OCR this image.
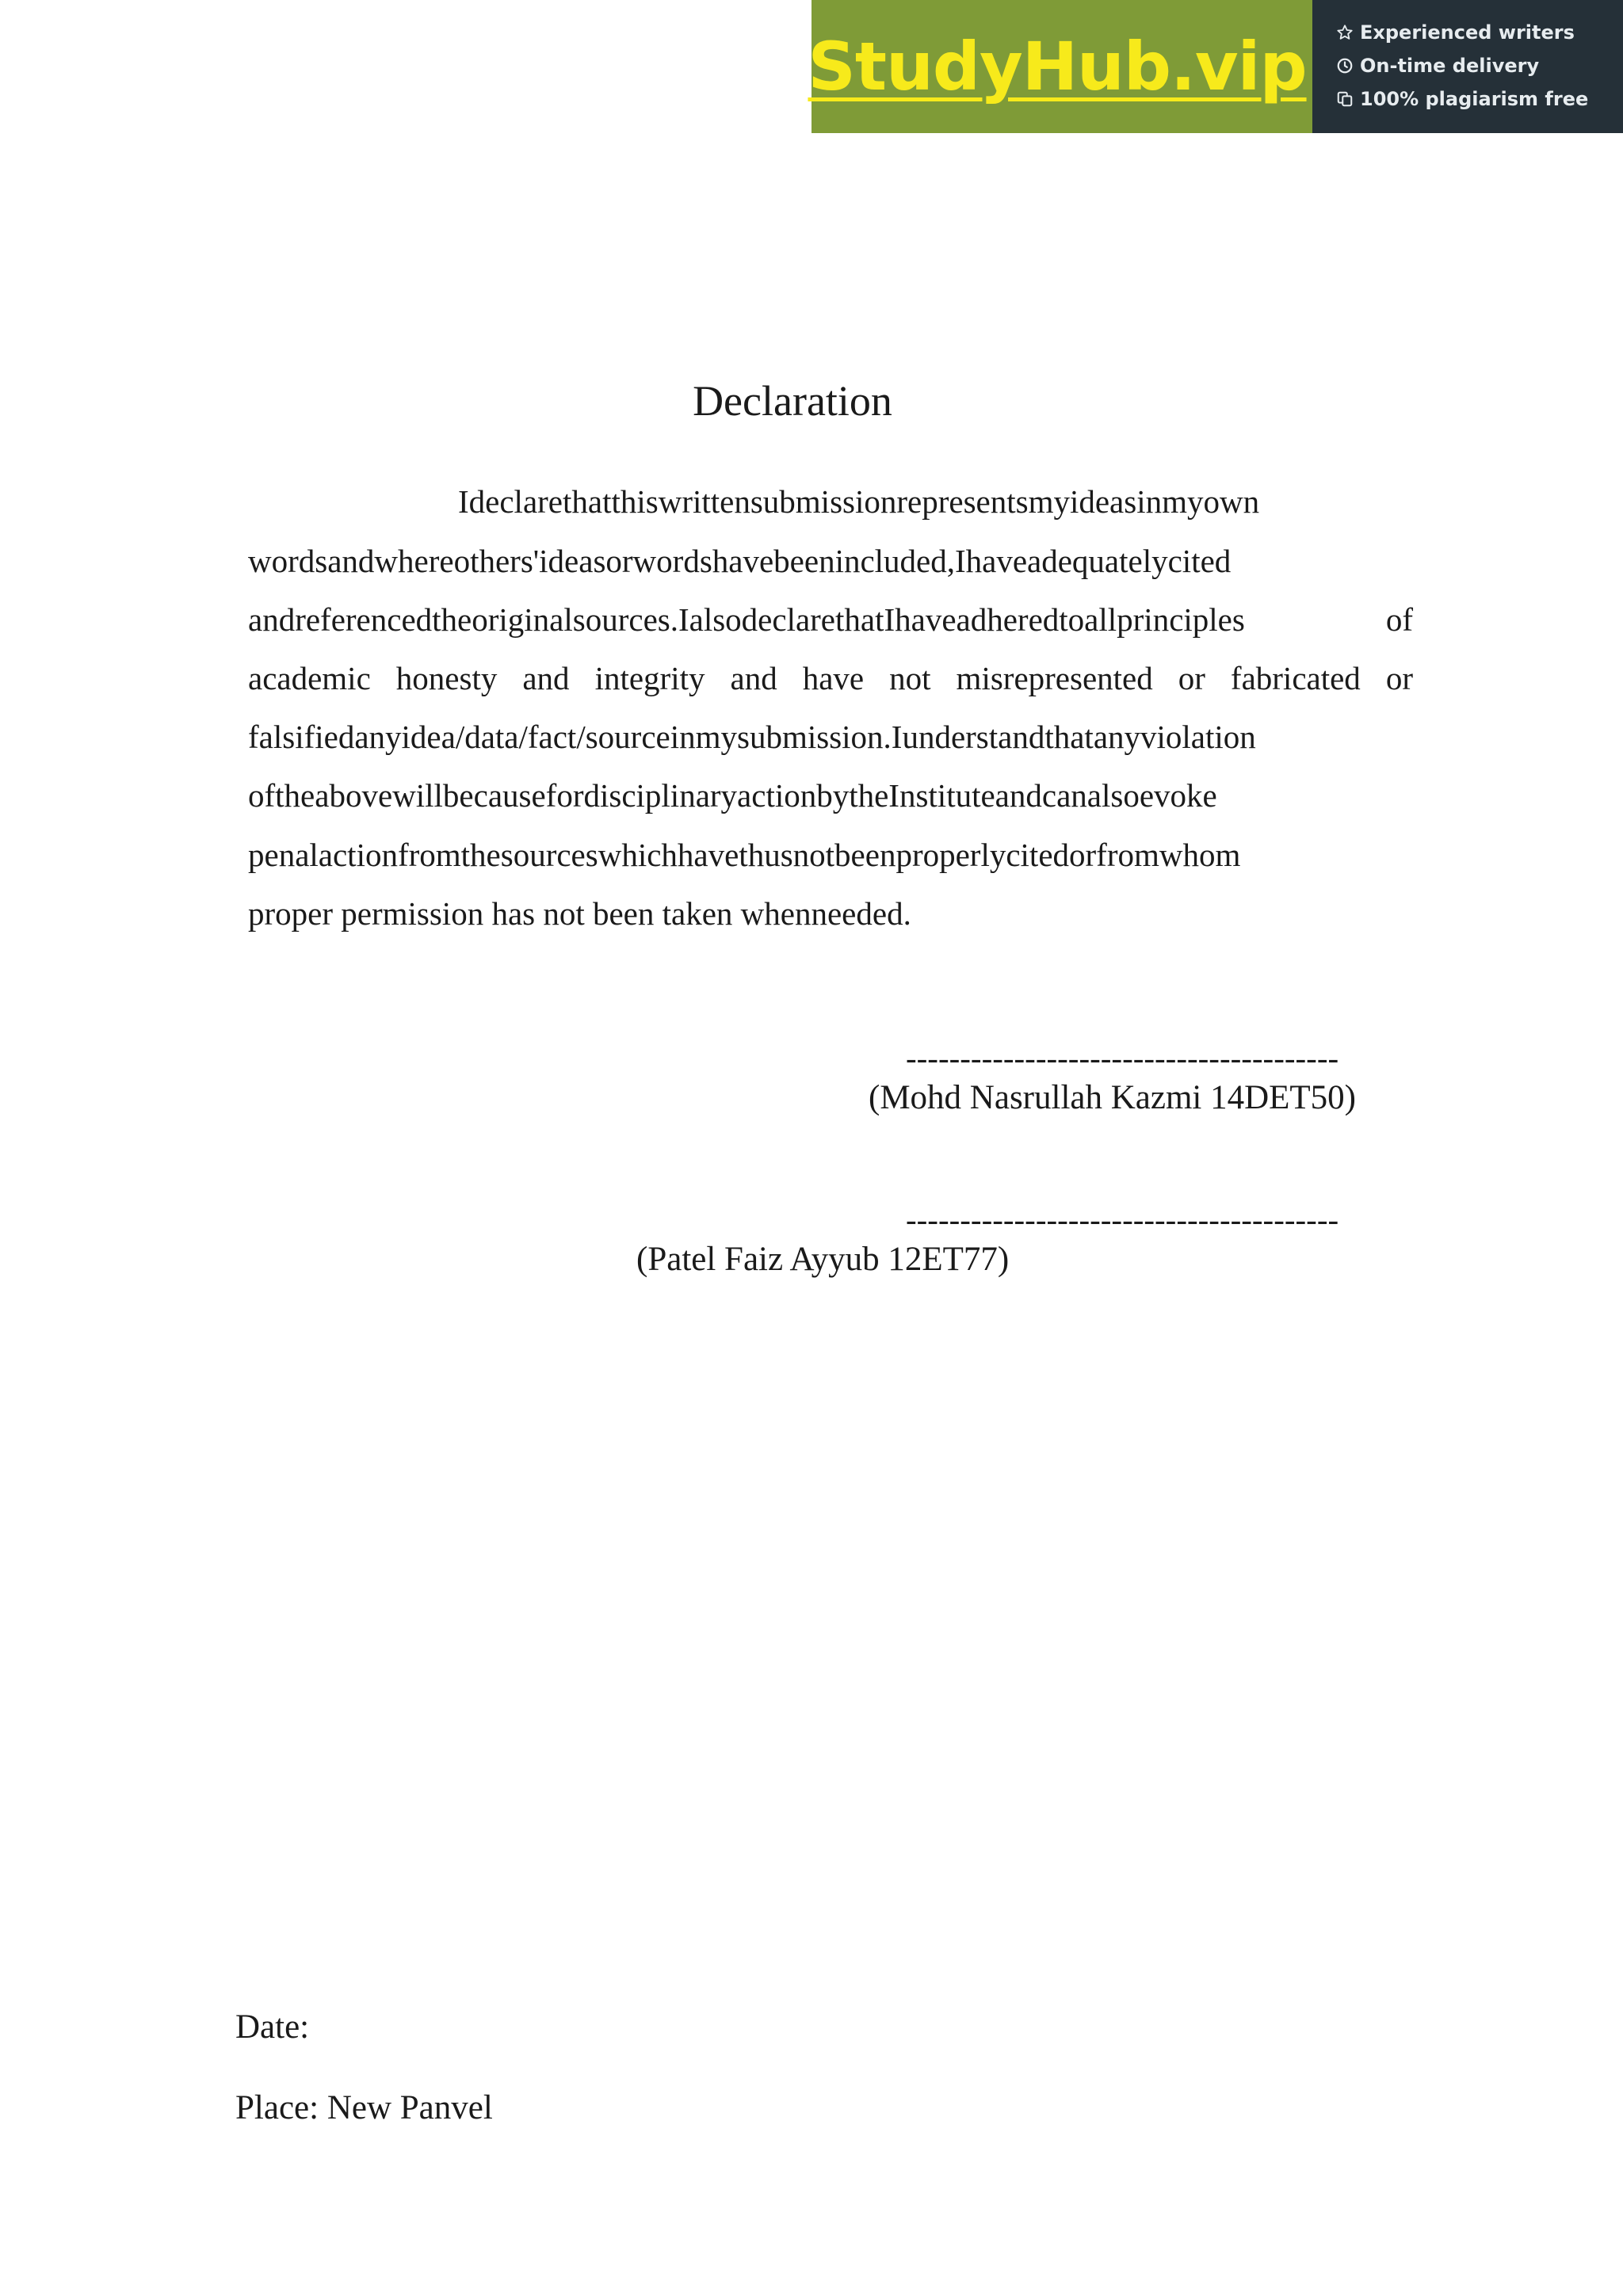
StudyHub.vip	Experienced writers
On-time delivery
100% plagiarism free
Declaration
Ideclarethatthiswrittensubmissionrepresentsmyideasinmyown
wordsandwhereothers'ideasorwordshavebeenincluded,Ihaveadequatelycited
andreferencedtheoriginalsources.IalsodeclarethatIhaveadheredtoallprinciples        of
academic honesty and integrity and have not misrepresented or fabricated or
falsifiedanyidea/data/fact/sourceinmysubmission.Iunderstandthatanyviolation
oftheabovewillbecausefordisciplinaryactionbytheInstituteandcanalsoevoke
penalactionfromthesourceswhichhavethusnotbeenproperlycitedorfromwhom
proper permission has not been taken whenneeded.
----------------------------------------
(Mohd Nasrullah Kazmi 14DET50)
----------------------------------------
(Patel Faiz Ayyub 12ET77)
Date:
Place: New Panvel
